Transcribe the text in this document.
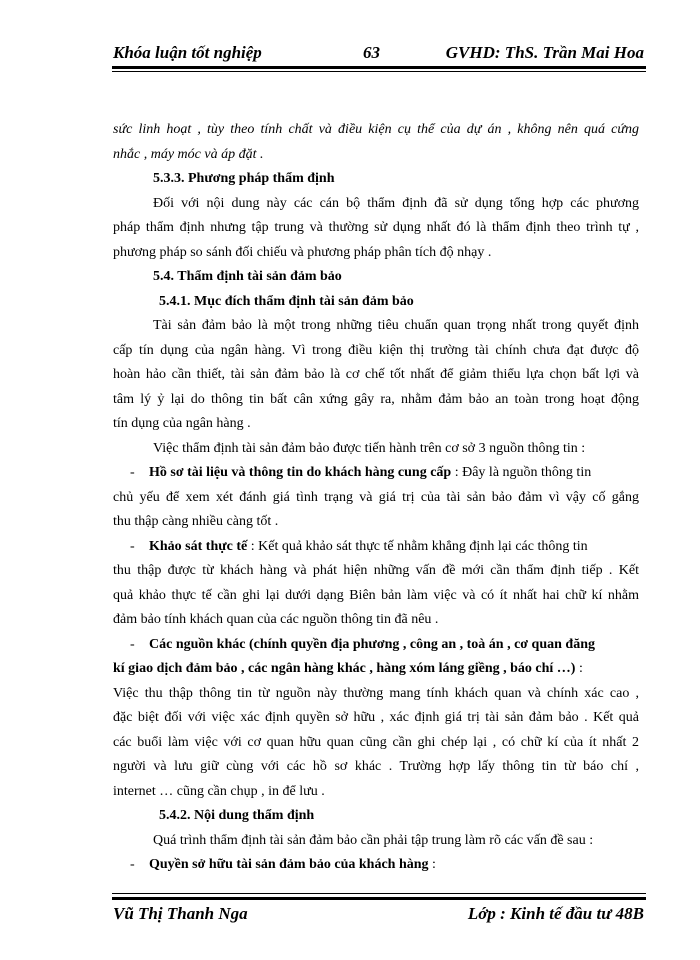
Khóa luận tốt nghiệp	63	GVHD: ThS. Trần Mai Hoa
sức linh hoạt , tùy theo tính chất và điều kiện cụ thể của dự án , không nên quá cứng
nhắc , máy móc và áp đặt .
5.3.3. Phương pháp thẩm định
Đối với nội dung này các cán bộ thẩm định đã sử dụng tổng hợp các phương
pháp thẩm định nhưng tập trung và thường sử dụng nhất đó là thẩm định theo trình tự ,
phương pháp so sánh đối chiếu và phương pháp phân tích độ nhạy .
5.4. Thẩm định tài sản đảm bảo
5.4.1. Mục đích thẩm định tài sản đảm bảo
Tài sản đảm bảo là một trong những tiêu chuẩn quan trọng nhất trong quyết định
cấp tín dụng của ngân hàng. Vì trong điều kiện thị trường tài chính chưa đạt được độ
hoàn hảo cần thiết, tài sản đảm bảo là cơ chế tốt nhất để giảm thiểu lựa chọn bất lợi và
tâm lý ỷ lại do thông tin bất cân xứng gây ra, nhằm đảm bảo an toàn trong hoạt động
tín dụng của ngân hàng .
Việc thẩm định tài sản đảm bảo được tiến hành trên cơ sở 3 nguồn thông tin :
- Hồ sơ tài liệu và thông tin do khách hàng cung cấp : Đây là nguồn thông tin
chủ yếu để xem xét đánh giá tình trạng và giá trị của tài sản bảo đảm vì vậy cố gắng
thu thập càng nhiều càng tốt .
- Khảo sát thực tế : Kết quả khảo sát thực tế nhằm khẳng định lại các thông tin
thu thập được từ khách hàng và phát hiện những vấn đề mới cần thẩm định tiếp . Kết
quả khảo thực tế cần ghi lại dưới dạng Biên bản làm việc và có ít nhất hai chữ kí nhằm
đảm bảo tính khách quan của các nguồn thông tin đã nêu .
- Các nguồn khác (chính quyền địa phương , công an , toà án , cơ quan đăng
kí giao dịch đảm bảo , các ngân hàng khác , hàng xóm láng giềng , báo chí …) :
Việc thu thập thông tin từ nguồn này thường mang tính khách quan và chính xác cao ,
đặc biệt đối với việc xác định quyền sở hữu , xác định giá trị tài sản đảm bảo . Kết quả
các buổi làm việc với cơ quan hữu quan cũng cần ghi chép lại , có chữ kí của ít nhất 2
người và lưu giữ cùng với các hồ sơ khác . Trường hợp lấy thông tin từ báo chí ,
internet … cũng cần chụp , in để lưu .
5.4.2. Nội dung thẩm định
Quá trình thẩm định tài sản đảm bảo cần phải tập trung làm rõ các vấn đề sau :
- Quyền sở hữu tài sản đảm bảo của khách hàng :
Vũ Thị Thanh Nga	Lớp : Kinh tế đầu tư 48B
